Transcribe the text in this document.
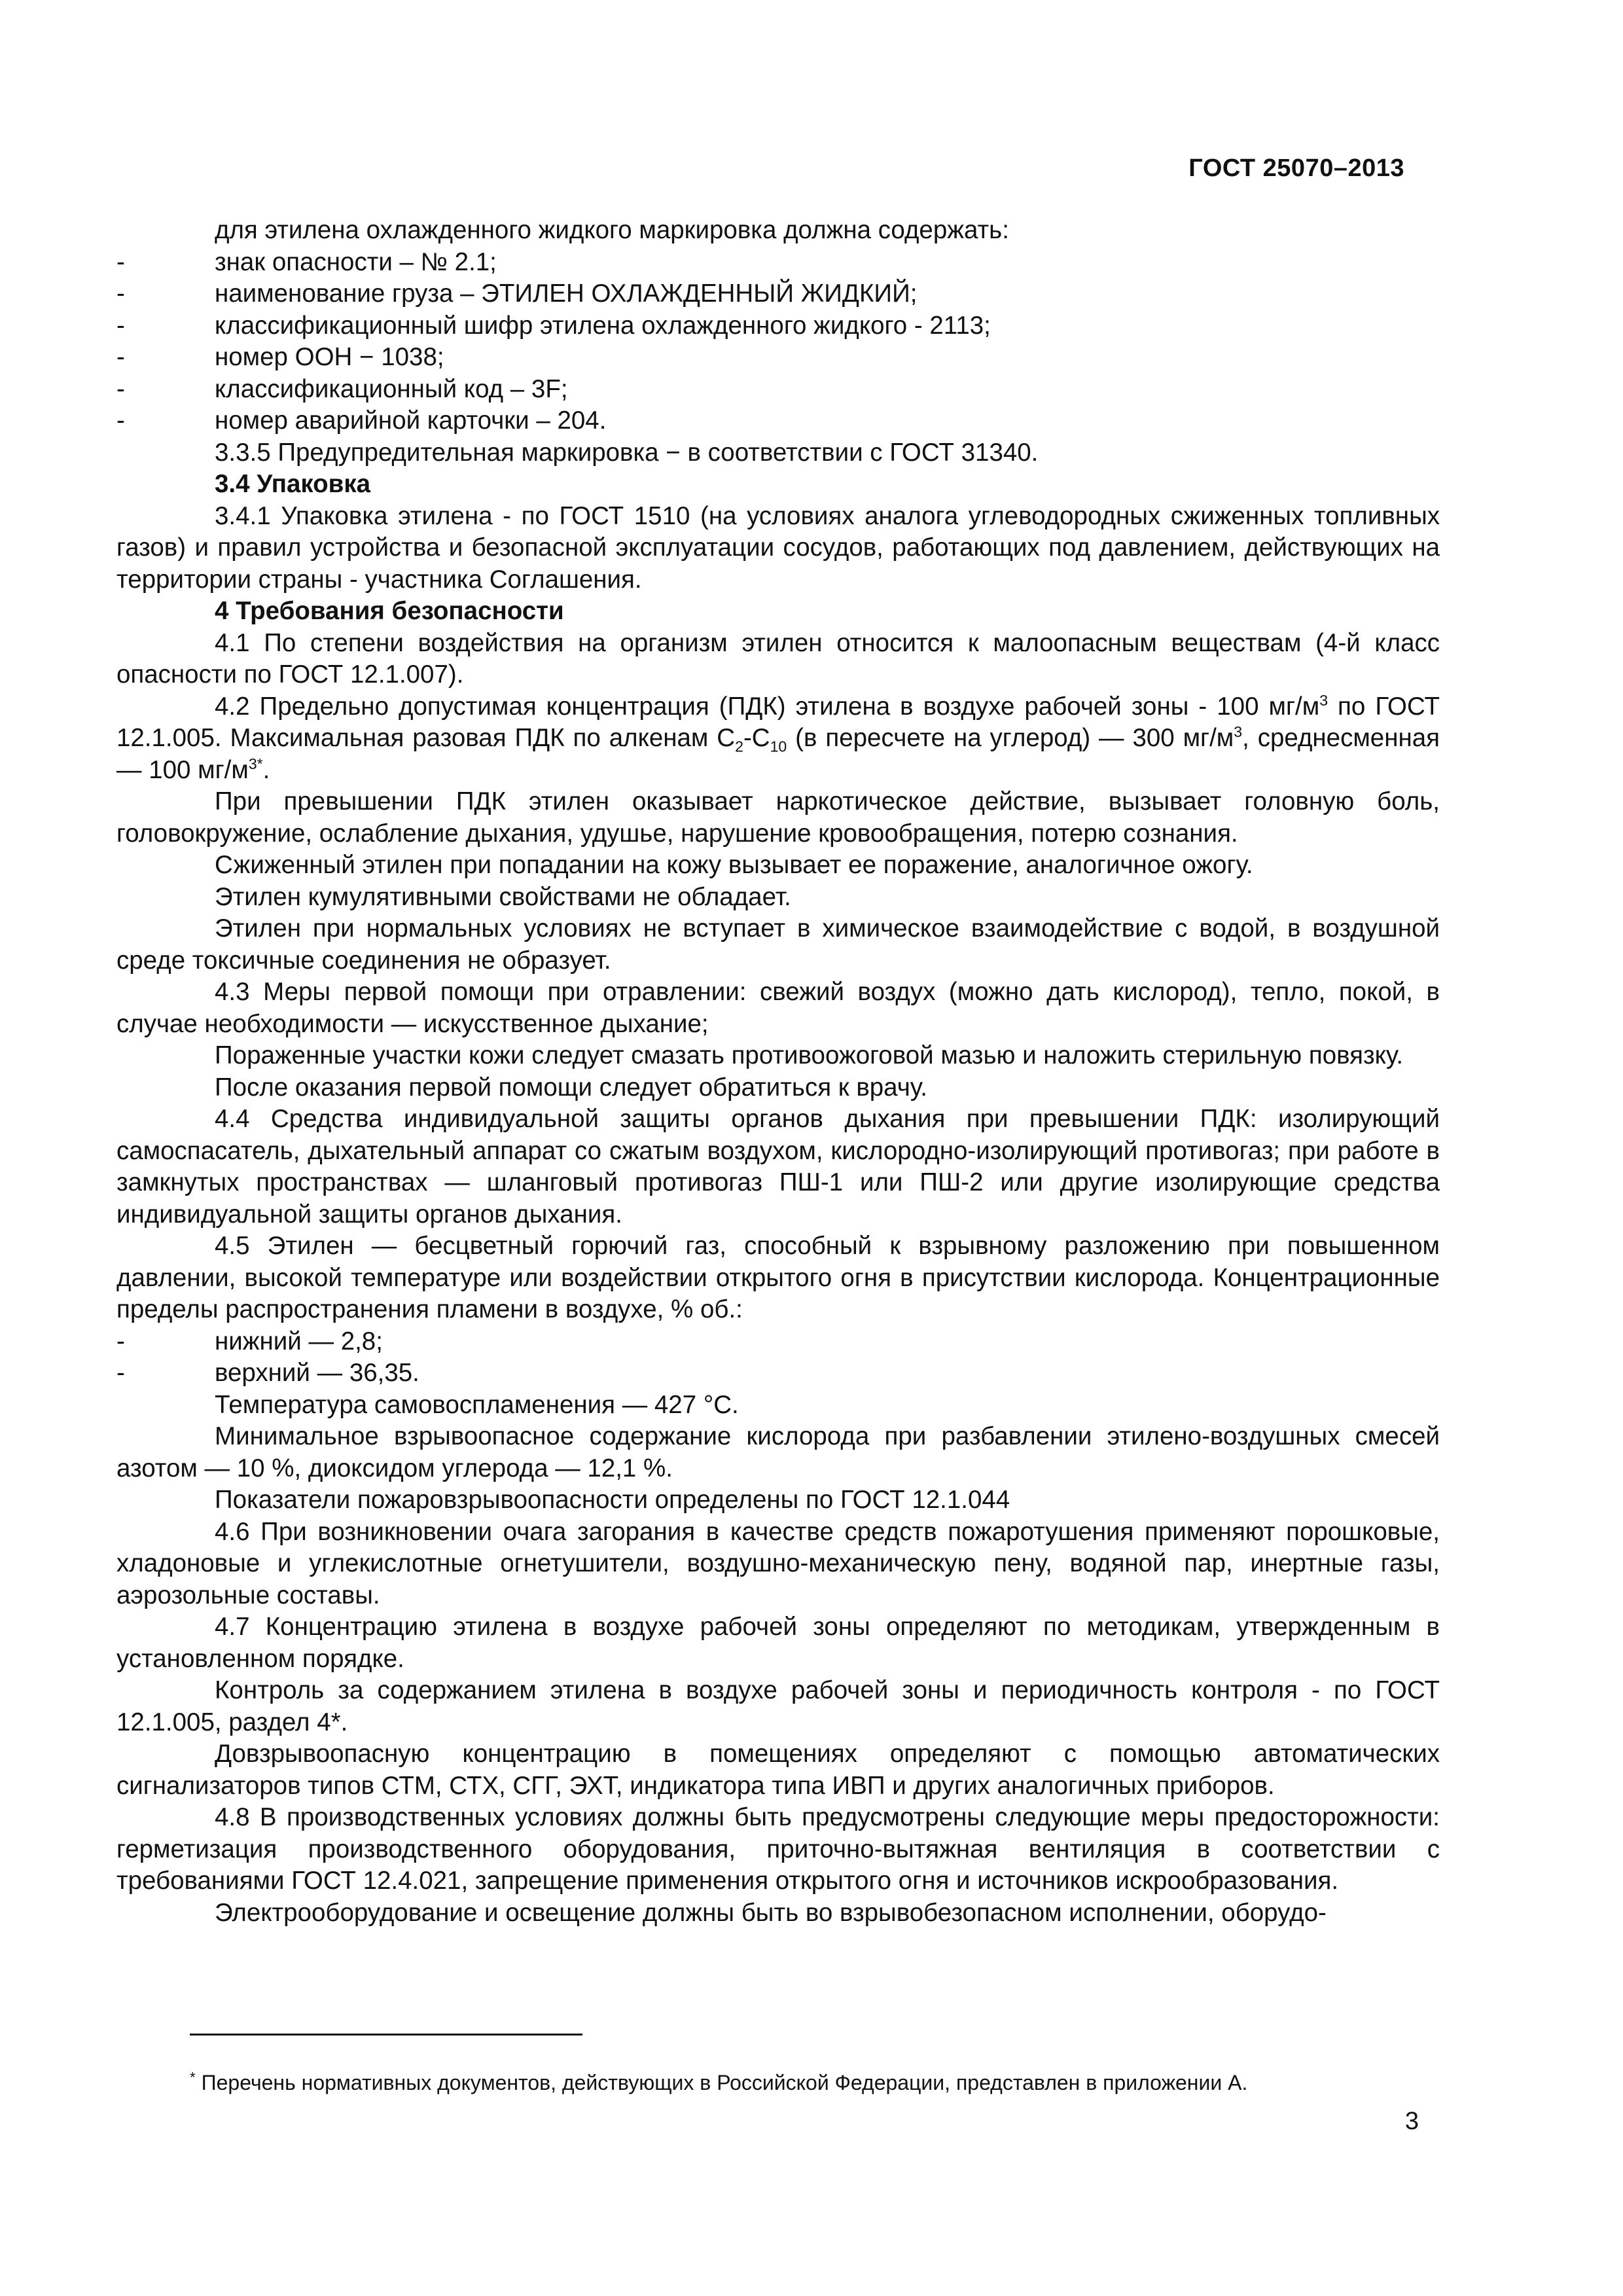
ГОСТ 25070–2013

для этилена охлажденного жидкого маркировка должна содержать:

-	знак опасности – № 2.1;
-	наименование груза – ЭТИЛЕН ОХЛАЖДЕННЫЙ ЖИДКИЙ;
-	классификационный шифр этилена охлажденного жидкого - 2113;
-	номер ООН − 1038;
-	классификационный код – 3F;
-	номер аварийной карточки – 204.

3.3.5 Предупредительная маркировка − в соответствии с ГОСТ 31340.

3.4 Упаковка

3.4.1 Упаковка этилена - по ГОСТ 1510 (на условиях аналога углеводородных сжиженных топливных газов) и правил устройства и безопасной эксплуатации сосудов, работающих под давлением, действующих на территории страны - участника Соглашения.

4 Требования безопасности

4.1 По степени воздействия на организм этилен относится к малоопасным веществам (4-й класс опасности по ГОСТ 12.1.007).

4.2 Предельно допустимая концентрация (ПДК) этилена в воздухе рабочей зоны - 100 $мг/м^3$ по ГОСТ 12.1.005. Максимальная разовая ПДК по алкенам $С_2-С_{10}$ (в пересчете на углерод) — 300 $мг/м^3$, среднесменная — 100 $мг/м^{3*}$.

При превышении ПДК этилен оказывает наркотическое действие, вызывает головную боль, головокружение, ослабление дыхания, удушье, нарушение кровообращения, потерю сознания.

Сжиженный этилен при попадании на кожу вызывает ее поражение, аналогичное ожогу.

Этилен кумулятивными свойствами не обладает.

Этилен при нормальных условиях не вступает в химическое взаимодействие с водой, в воздушной среде токсичные соединения не образует.

4.3 Меры первой помощи при отравлении: свежий воздух (можно дать кислород), тепло, покой, в случае необходимости — искусственное дыхание;

Пораженные участки кожи следует смазать противоожоговой мазью и наложить стерильную повязку.

После оказания первой помощи следует обратиться к врачу.

4.4 Средства индивидуальной защиты органов дыхания при превышении ПДК: изолирующий самоспасатель, дыхательный аппарат со сжатым воздухом, кислородно-изолирующий противогаз; при работе в замкнутых пространствах — шланговый противогаз ПШ-1 или ПШ-2 или другие изолирующие средства индивидуальной защиты органов дыхания.

4.5 Этилен — бесцветный горючий газ, способный к взрывному разложению при повышенном давлении, высокой температуре или воздействии открытого огня в присутствии кислорода. Концентрационные пределы распространения пламени в воздухе, % об.:

-	нижний — 2,8;
-	верхний — 36,35.

Температура самовоспламенения — 427 °С.

Минимальное взрывоопасное содержание кислорода при разбавлении этилено-воздушных смесей азотом — 10 %, диоксидом углерода — 12,1 %.

Показатели пожаровзрывоопасности определены по ГОСТ 12.1.044

4.6 При возникновении очага загорания в качестве средств пожаротушения применяют порошковые, хладоновые и углекислотные огнетушители, воздушно-механическую пену, водяной пар, инертные газы, аэрозольные составы.

4.7 Концентрацию этилена в воздухе рабочей зоны определяют по методикам, утвержденным в установленном порядке.

Контроль за содержанием этилена в воздухе рабочей зоны и периодичность контроля - по ГОСТ 12.1.005, раздел 4*.

Довзрывоопасную концентрацию в помещениях определяют с помощью автоматических сигнализаторов типов СТМ, СТХ, СГГ, ЭХТ, индикатора типа ИВП и других аналогичных приборов.

4.8 В производственных условиях должны быть предусмотрены следующие меры предосторожности: герметизация производственного оборудования, приточно-вытяжная вентиляция в соответствии с требованиями ГОСТ 12.4.021, запрещение применения открытого огня и источников искрообразования.

Электрооборудование и освещение должны быть во взрывобезопасном исполнении, оборудо-

* Перечень нормативных документов, действующих в Российской Федерации, представлен в приложении А.
3
